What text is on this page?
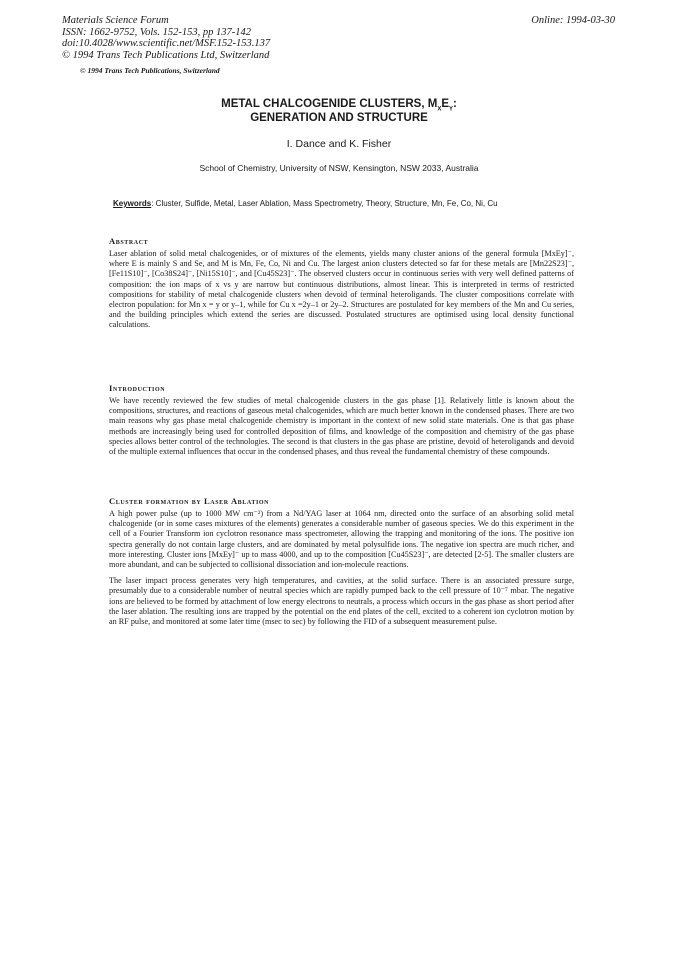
Materials Science Forum
ISSN: 1662-9752, Vols. 152-153, pp 137-142
doi:10.4028/www.scientific.net/MSF.152-153.137
© 1994 Trans Tech Publications Ltd, Switzerland
Online: 1994-03-30
© 1994 Trans Tech Publications, Switzerland
METAL CHALCOGENIDE CLUSTERS, $M_XE_Y$:
GENERATION AND STRUCTURE
I. Dance and K. Fisher
School of Chemistry, University of NSW, Kensington, NSW 2033, Australia
Keywords: Cluster, Sulfide, Metal, Laser Ablation, Mass Spectrometry, Theory, Structure, Mn, Fe, Co, Ni, Cu
Abstract

Laser ablation of solid metal chalcogenides, or of mixtures of the elements, yields many cluster anions of the general formula [MxEy]⁻, where E is mainly S and Se, and M is Mn, Fe, Co, Ni and Cu. The largest anion clusters detected so far for these metals are [Mn22S23]⁻, [Fe11S10]⁻, [Co38S24]⁻, [Ni15S10]⁻, and [Cu45S23]⁻. The observed clusters occur in continuous series with very well defined patterns of composition: the ion maps of x vs y are narrow but continuous distributions, almost linear. This is interpreted in terms of restricted compositions for stability of metal chalcogenide clusters when devoid of terminal heteroligands. The cluster compositions correlate with electron population: for Mn x = y or y–1, while for Cu x =2y–1 or 2y–2. Structures are postulated for key members of the Mn and Cu series, and the building principles which extend the series are discussed. Postulated structures are optimised using local density functional calculations.

Introduction

We have recently reviewed the few studies of metal chalcogenide clusters in the gas phase [1]. Relatively little is known about the compositions, structures, and reactions of gaseous metal chalcogenides, which are much better known in the condensed phases. There are two main reasons why gas phase metal chalcogenide chemistry is important in the context of new solid state materials. One is that gas phase methods are increasingly being used for controlled deposition of films, and knowledge of the composition and chemistry of the gas phase species allows better control of the technologies. The second is that clusters in the gas phase are pristine, devoid of heteroligands and devoid of the multiple external influences that occur in the condensed phases, and thus reveal the fundamental chemistry of these compounds.

Cluster formation by Laser Ablation

A high power pulse (up to 1000 MW cm⁻²) from a Nd/YAG laser at 1064 nm, directed onto the surface of an absorbing solid metal chalcogenide (or in some cases mixtures of the elements) generates a considerable number of gaseous species. We do this experiment in the cell of a Fourier Transform ion cyclotron resonance mass spectrometer, allowing the trapping and monitoring of the ions. The positive ion spectra generally do not contain large clusters, and are dominated by metal polysulfide ions. The negative ion spectra are much richer, and more interesting. Cluster ions [MxEy]⁻ up to mass 4000, and up to the composition [Cu45S23]⁻, are detected [2-5]. The smaller clusters are more abundant, and can be subjected to collisional dissociation and ion-molecule reactions.

The laser impact process generates very high temperatures, and cavities, at the solid surface. There is an associated pressure surge, presumably due to a considerable number of neutral species which are rapidly pumped back to the cell pressure of 10⁻⁷ mbar. The negative ions are believed to be formed by attachment of low energy electrons to neutrals, a process which occurs in the gas phase as short period after the laser ablation. The resulting ions are trapped by the potential on the end plates of the cell, excited to a coherent ion cyclotron motion by an RF pulse, and monitored at some later time (msec to sec) by following the FID of a subsequent measurement pulse.
